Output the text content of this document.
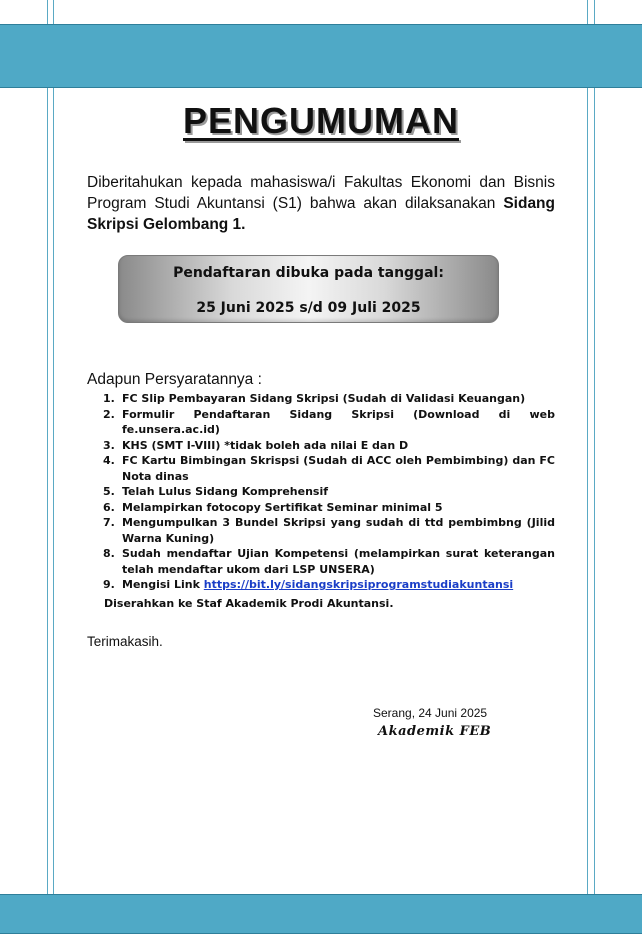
PENGUMUMAN
Diberitahukan kepada mahasiswa/i Fakultas Ekonomi dan Bisnis Program Studi Akuntansi (S1) bahwa akan dilaksanakan Sidang Skripsi Gelombang 1.
Pendaftaran dibuka pada tanggal:
25 Juni 2025 s/d 09 Juli 2025
Adapun Persyaratannya :
1. FC Slip Pembayaran Sidang Skripsi (Sudah di Validasi Keuangan)
2. Formulir Pendaftaran Sidang Skripsi (Download di web fe.unsera.ac.id)
3. KHS (SMT I-VIII) *tidak boleh ada nilai E dan D
4. FC Kartu Bimbingan Skrispsi (Sudah di ACC oleh Pembimbing) dan FC Nota dinas
5. Telah Lulus Sidang Komprehensif
6. Melampirkan fotocopy Sertifikat Seminar minimal 5
7. Mengumpulkan 3 Bundel Skripsi yang sudah di ttd pembimbng (Jilid Warna Kuning)
8. Sudah mendaftar Ujian Kompetensi (melampirkan surat keterangan telah mendaftar ukom dari LSP UNSERA)
9. Mengisi Link https://bit.ly/sidangskripsiprogramstudiakuntansi
Diserahkan ke Staf Akademik Prodi Akuntansi.
Terimakasih.
Serang, 24 Juni 2025
Akademik FEB
